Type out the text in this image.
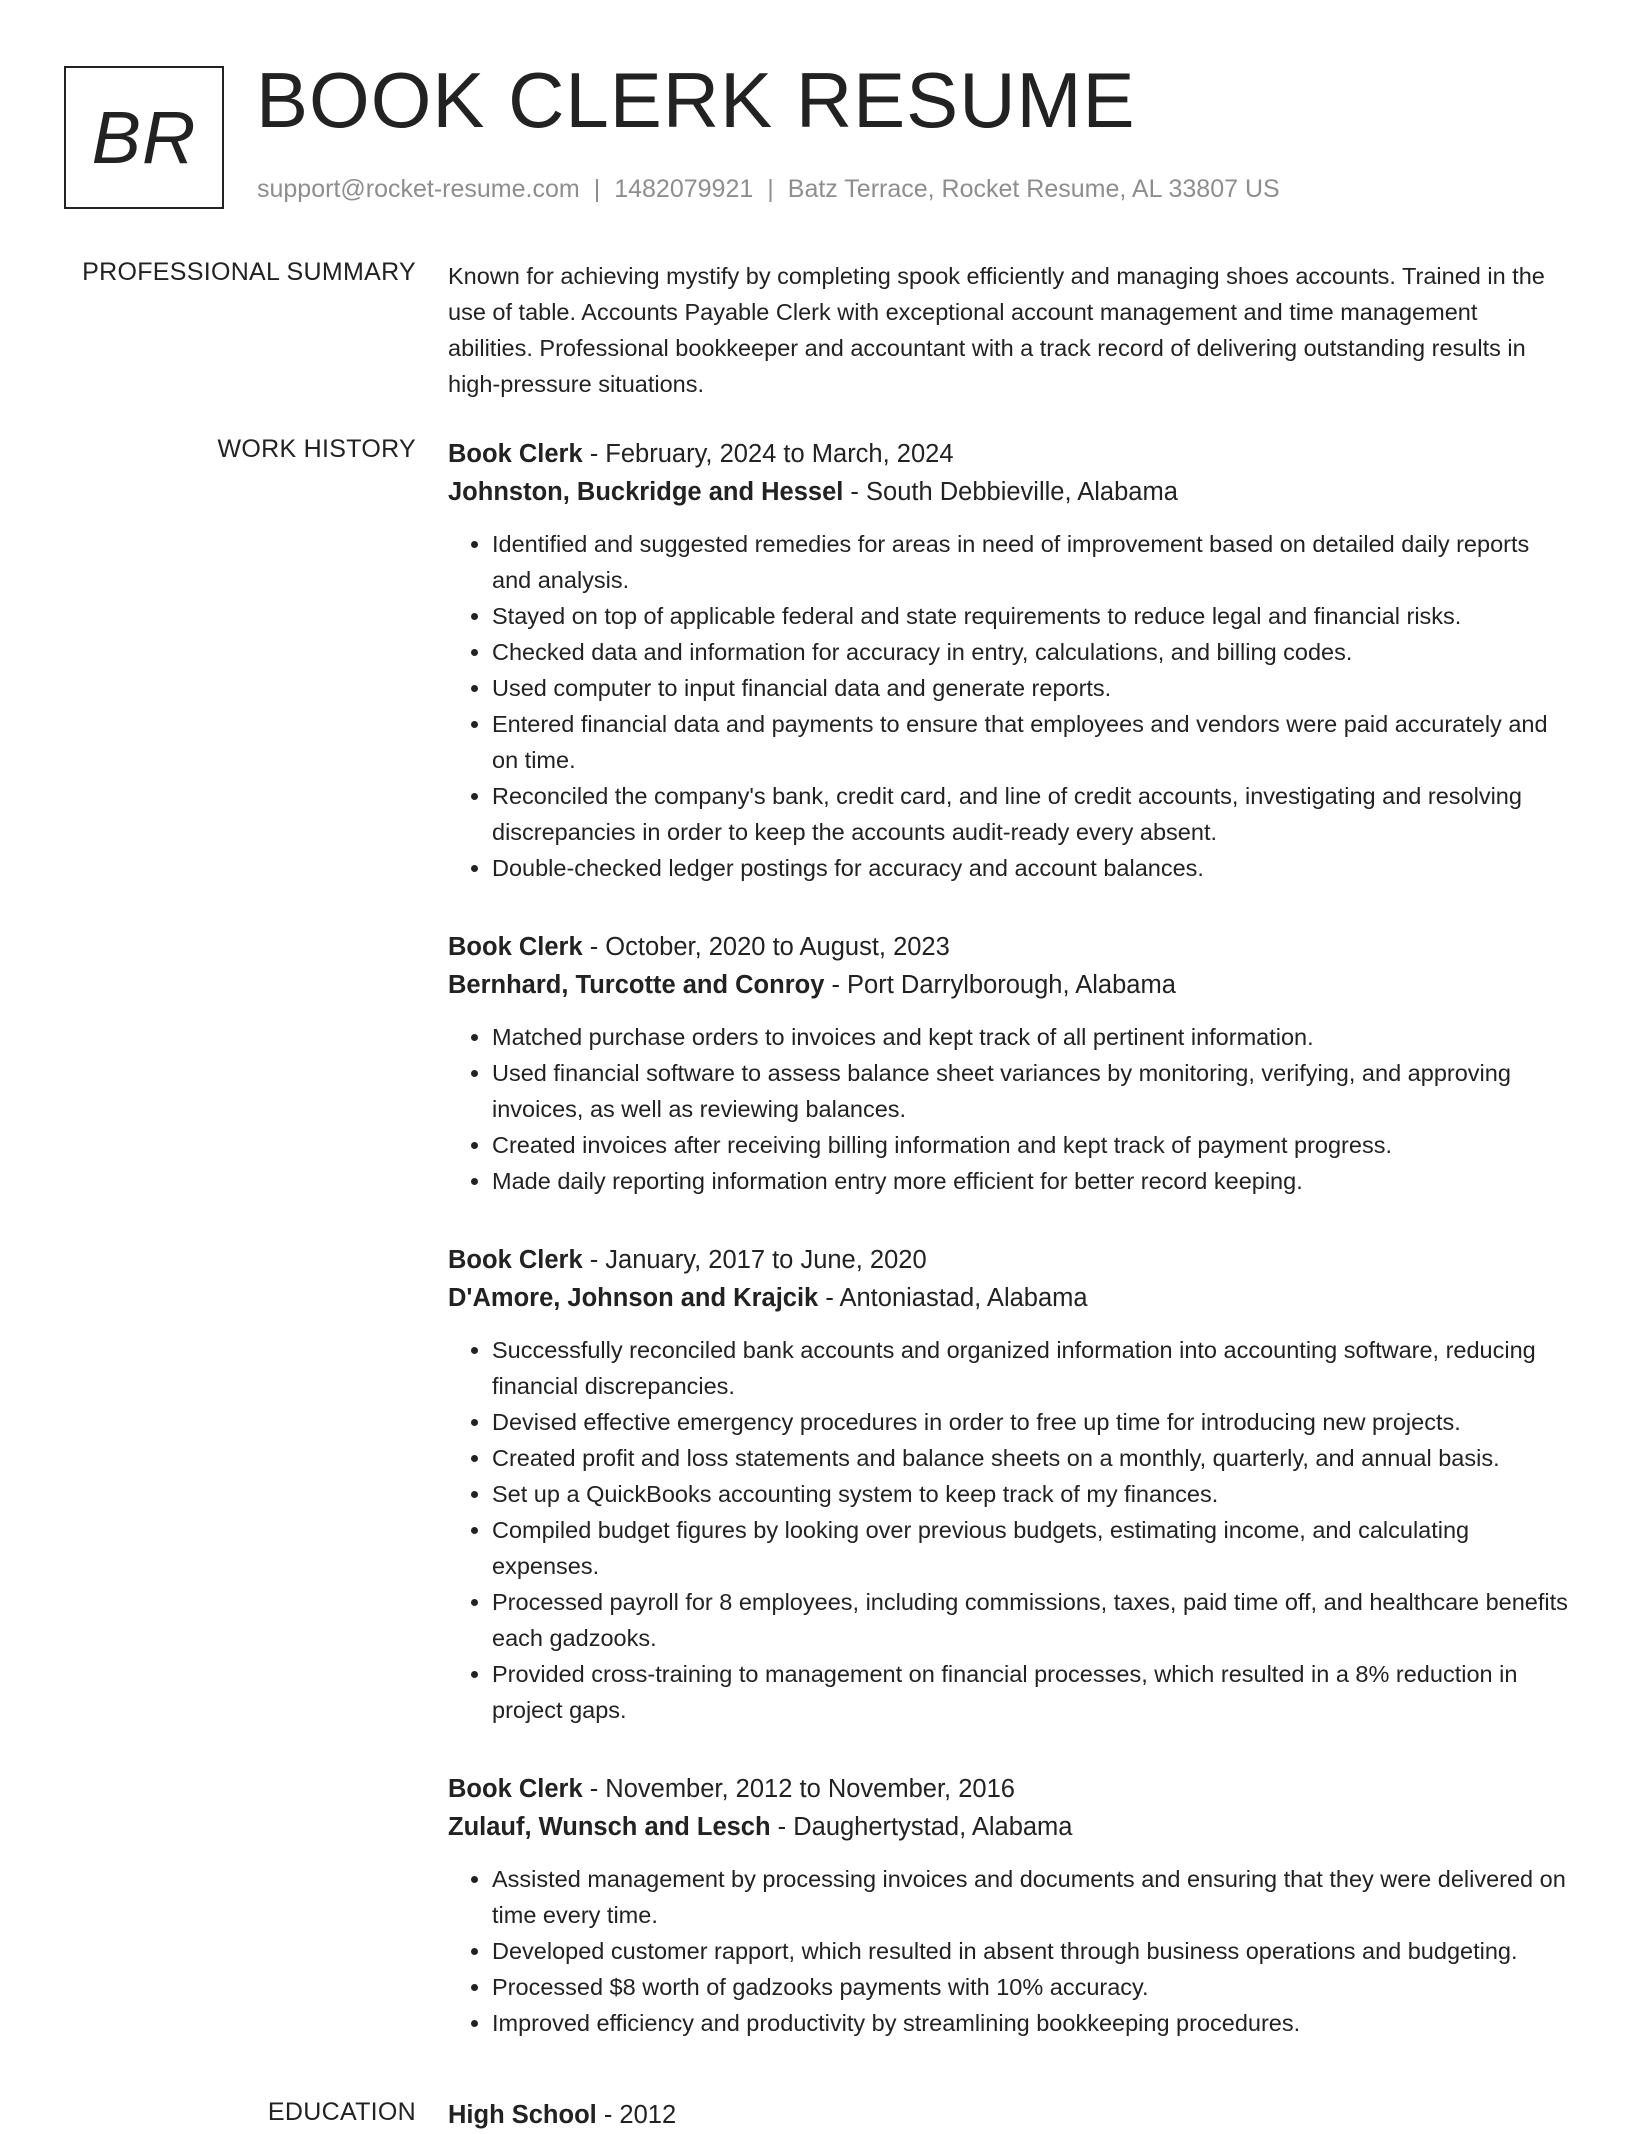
BR BOOK CLERK RESUME
support@rocket-resume.com | 1482079921 | Batz Terrace, Rocket Resume, AL 33807 US
PROFESSIONAL SUMMARY Known for achieving mystify by completing spook efficiently and managing shoes accounts. Trained in the use of table. Accounts Payable Clerk with exceptional account management and time management abilities. Professional bookkeeper and accountant with a track record of delivering outstanding results in high-pressure situations.
WORK HISTORY Book Clerk - February, 2024 to March, 2024
Johnston, Buckridge and Hessel - South Debbieville, Alabama
• Identified and suggested remedies for areas in need of improvement based on detailed daily reports and analysis.
• Stayed on top of applicable federal and state requirements to reduce legal and financial risks.
• Checked data and information for accuracy in entry, calculations, and billing codes.
• Used computer to input financial data and generate reports.
• Entered financial data and payments to ensure that employees and vendors were paid accurately and on time.
• Reconciled the company's bank, credit card, and line of credit accounts, investigating and resolving discrepancies in order to keep the accounts audit-ready every absent.
• Double-checked ledger postings for accuracy and account balances.
Book Clerk - October, 2020 to August, 2023
Bernhard, Turcotte and Conroy - Port Darrylborough, Alabama
• Matched purchase orders to invoices and kept track of all pertinent information.
• Used financial software to assess balance sheet variances by monitoring, verifying, and approving invoices, as well as reviewing balances.
• Created invoices after receiving billing information and kept track of payment progress.
• Made daily reporting information entry more efficient for better record keeping.
Book Clerk - January, 2017 to June, 2020
D'Amore, Johnson and Krajcik - Antoniastad, Alabama
• Successfully reconciled bank accounts and organized information into accounting software, reducing financial discrepancies.
• Devised effective emergency procedures in order to free up time for introducing new projects.
• Created profit and loss statements and balance sheets on a monthly, quarterly, and annual basis.
• Set up a QuickBooks accounting system to keep track of my finances.
• Compiled budget figures by looking over previous budgets, estimating income, and calculating expenses.
• Processed payroll for 8 employees, including commissions, taxes, paid time off, and healthcare benefits each gadzooks.
• Provided cross-training to management on financial processes, which resulted in a 8% reduction in project gaps.
Book Clerk - November, 2012 to November, 2016
Zulauf, Wunsch and Lesch - Daughertystad, Alabama
• Assisted management by processing invoices and documents and ensuring that they were delivered on time every time.
• Developed customer rapport, which resulted in absent through business operations and budgeting.
• Processed $8 worth of gadzooks payments with 10% accuracy.
• Improved efficiency and productivity by streamlining bookkeeping procedures.
EDUCATION High School - 2012
